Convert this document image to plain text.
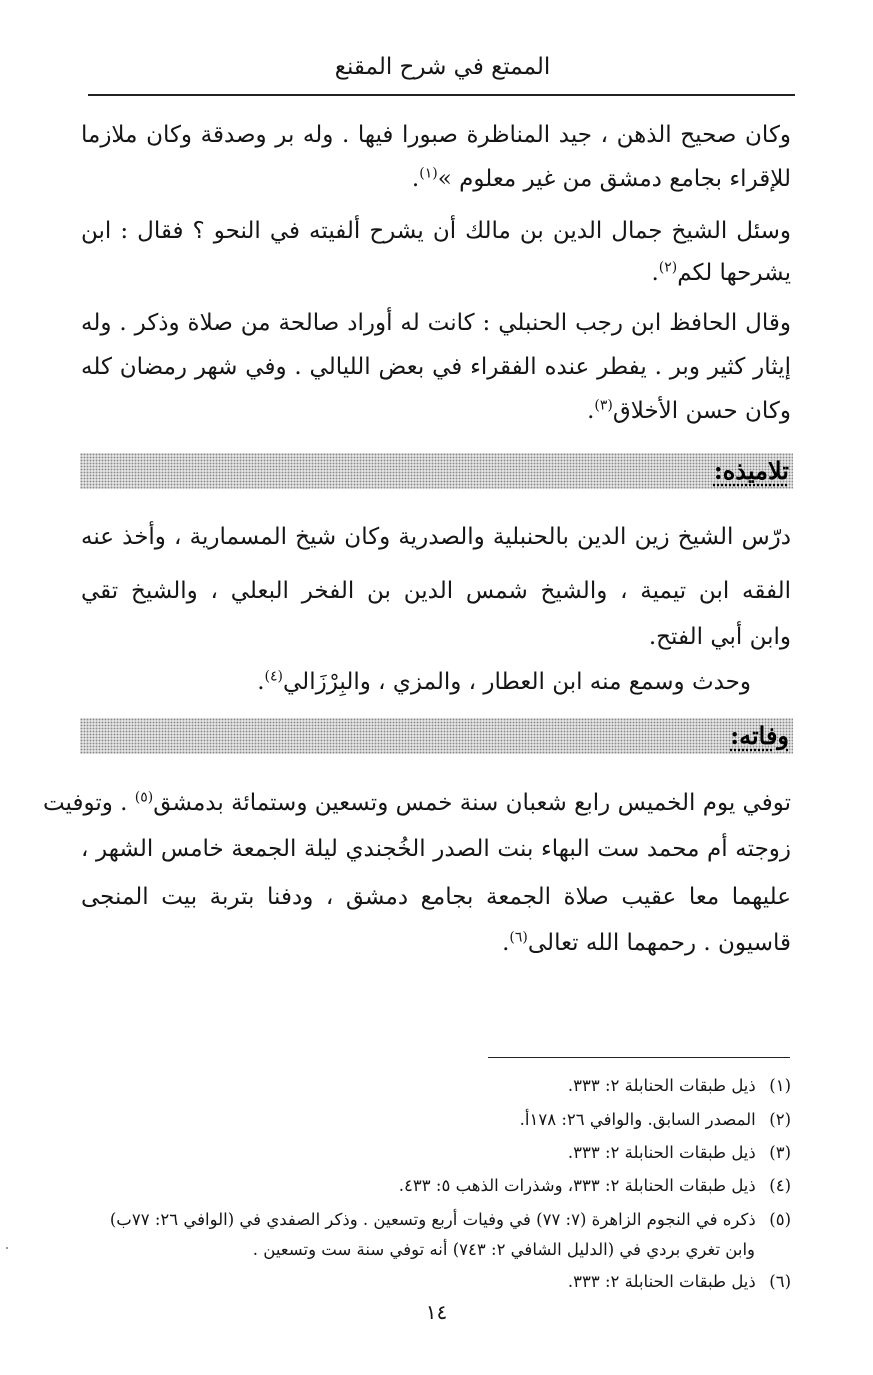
الممتع في شرح المقنع
وكان صحيح الذهن ، جيد المناظرة صبورا فيها . وله بر وصدقة وكان ملازما
للإقراء بجامع دمشق من غير معلوم »$^{(١)}$.
وسئل الشيخ جمال الدين بن مالك أن يشرح ألفيته في النحو ؟ فقال : ابن
يشرحها لكم$^{(٢)}$.
وقال الحافظ ابن رجب الحنبلي : كانت له أوراد صالحة من صلاة وذكر . وله
إيثار كثير وبر . يفطر عنده الفقراء في بعض الليالي . وفي شهر رمضان كله
وكان حسن الأخلاق$^{(٣)}$.
تلاميذه:
درّس الشيخ زين الدين بالحنبلية والصدرية وكان شيخ المسمارية ، وأخذ عنه
الفقه ابن تيمية ، والشيخ شمس الدين بن الفخر البعلي ، والشيخ تقي
وابن أبي الفتح.
وحدث وسمع منه ابن العطار ، والمزي ، والبِرْزَالي$^{(٤)}$.
وفاته:
توفي يوم الخميس رابع شعبان سنة خمس وتسعين وستمائة بدمشق$^{(٥)}$ . وتوفيت
زوجته أم محمد ست البهاء بنت الصدر الخُجندي ليلة الجمعة خامس الشهر ،
عليهما معا عقيب صلاة الجمعة بجامع دمشق ، ودفنا بتربة بيت المنجى
قاسيون . رحمهما الله تعالى$^{(٦)}$.
(١) ذيل طبقات الحنابلة ٢: ٣٣٣.
(٢) المصدر السابق. والوافي ٢٦: ١٧٨أ.
(٣) ذيل طبقات الحنابلة ٢: ٣٣٣.
(٤) ذيل طبقات الحنابلة ٢: ٣٣٣، وشذرات الذهب ٥: ٤٣٣.
(٥) ذكره في النجوم الزاهرة (٧: ٧٧) في وفيات أربع وتسعين . وذكر الصفدي في (الوافي ٢٦: ٧٧ب)
وابن تغري بردي في (الدليل الشافي ٢: ٧٤٣) أنه توفي سنة ست وتسعين .
(٦) ذيل طبقات الحنابلة ٢: ٣٣٣.
١٤
